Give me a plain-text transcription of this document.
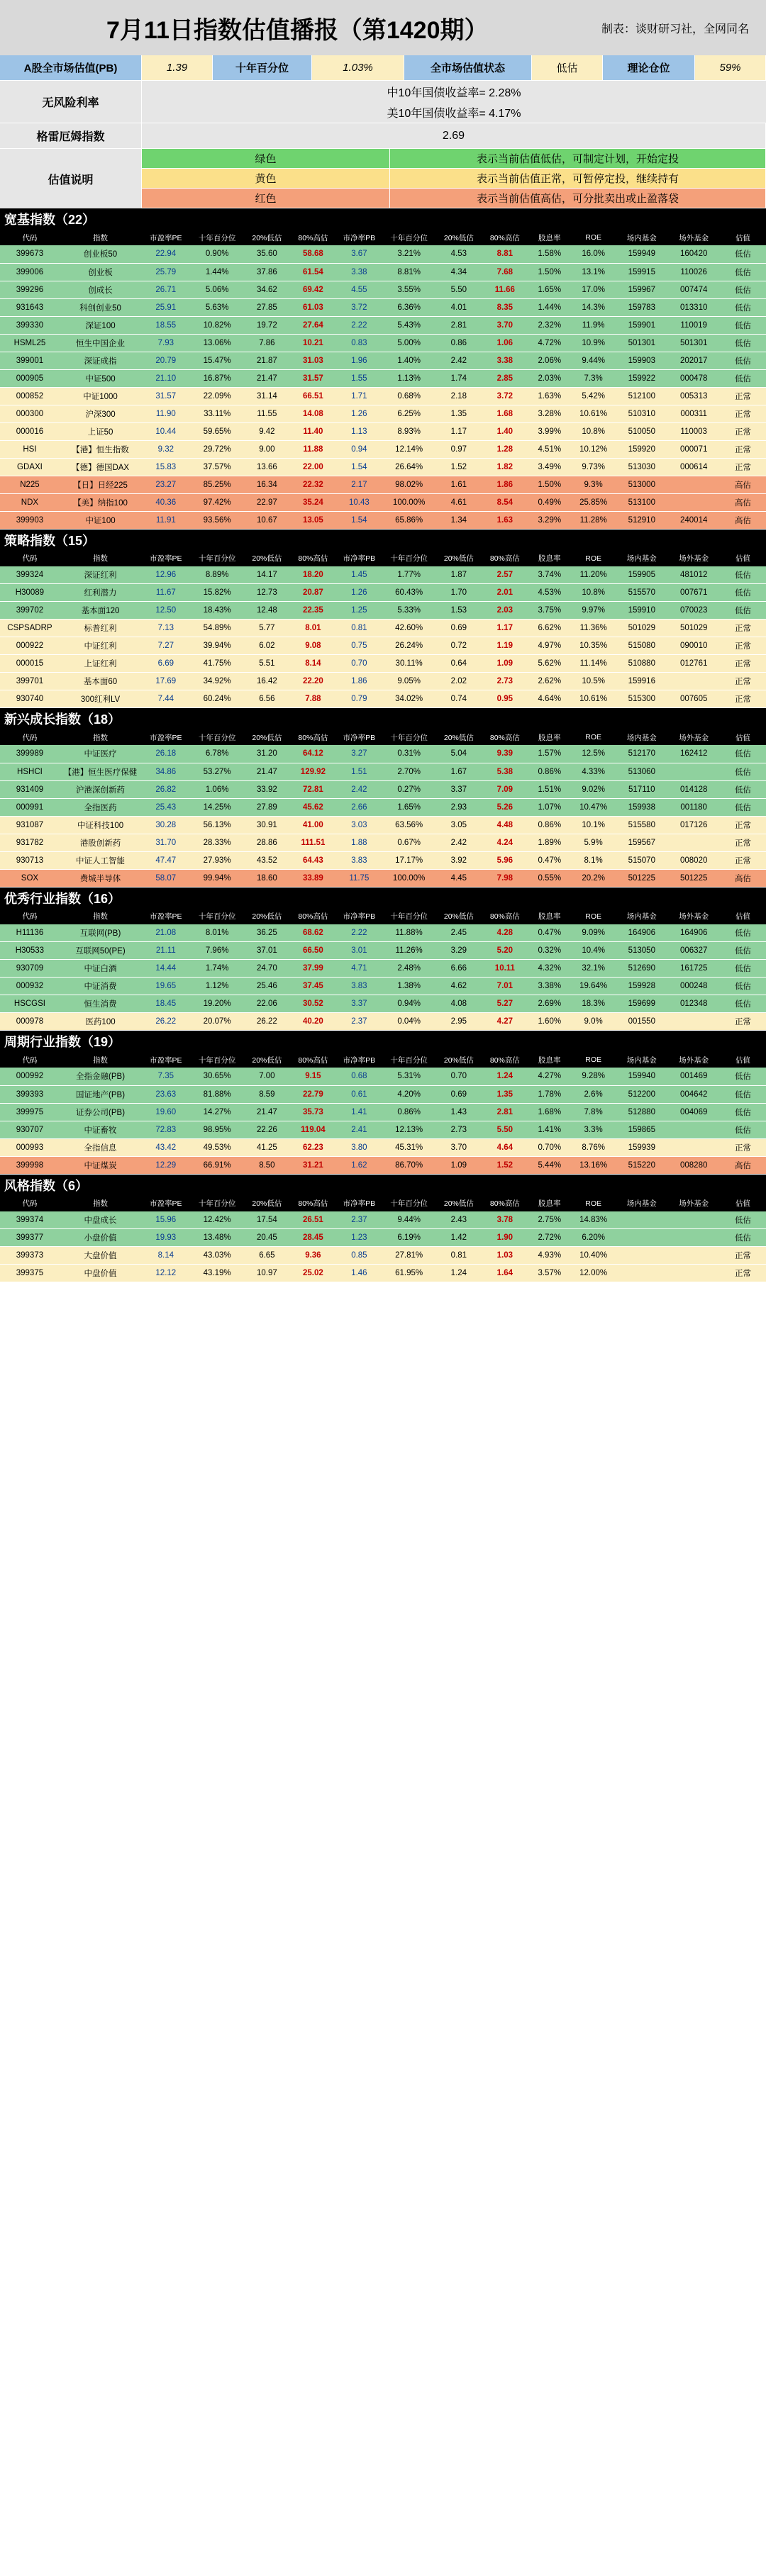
7月11日指数估值播报（第1420期）	制表：谈财研习社，全网同名
A股全市场估值(PB)	1.39	十年百分位	1.03%	全市场估值状态	低估	理论仓位	59%
无风险利率
中10年国债收益率= 2.28%
美10年国债收益率= 4.17%
格雷厄姆指数	2.69
估值说明
绿色	表示当前估值低估，可制定计划，开始定投
黄色	表示当前估值正常，可暂停定投，继续持有
红色	表示当前估值高估，可分批卖出或止盈落袋
宽基指数（22）
代码	指数	市盈率PE	十年百分位	20%低估	80%高估	市净率PB	十年百分位	20%低估	80%高估	股息率	ROE	场内基金	场外基金	估值
399673	创业板50	22.94	0.90%	35.60	58.68	3.67	3.21%	4.53	8.81	1.58%	16.0%	159949	160420	低估
399006	创业板	25.79	1.44%	37.86	61.54	3.38	8.81%	4.34	7.68	1.50%	13.1%	159915	110026	低估
399296	创成长	26.71	5.06%	34.62	69.42	4.55	3.55%	5.50	11.66	1.65%	17.0%	159967	007474	低估
931643	科创创业50	25.91	5.63%	27.85	61.03	3.72	6.36%	4.01	8.35	1.44%	14.3%	159783	013310	低估
399330	深证100	18.55	10.82%	19.72	27.64	2.22	5.43%	2.81	3.70	2.32%	11.9%	159901	110019	低估
HSML25	恒生中国企业	7.93	13.06%	7.86	10.21	0.83	5.00%	0.86	1.06	4.72%	10.9%	501301	501301	低估
399001	深证成指	20.79	15.47%	21.87	31.03	1.96	1.40%	2.42	3.38	2.06%	9.44%	159903	202017	低估
000905	中证500	21.10	16.87%	21.47	31.57	1.55	1.13%	1.74	2.85	2.03%	7.3%	159922	000478	低估
000852	中证1000	31.57	22.09%	31.14	66.51	1.71	0.68%	2.18	3.72	1.63%	5.42%	512100	005313	正常
000300	沪深300	11.90	33.11%	11.55	14.08	1.26	6.25%	1.35	1.68	3.28%	10.61%	510310	000311	正常
000016	上证50	10.44	59.65%	9.42	11.40	1.13	8.93%	1.17	1.40	3.99%	10.8%	510050	110003	正常
HSI	【港】恒生指数	9.32	29.72%	9.00	11.88	0.94	12.14%	0.97	1.28	4.51%	10.12%	159920	000071	正常
GDAXI	【德】德国DAX	15.83	37.57%	13.66	22.00	1.54	26.64%	1.52	1.82	3.49%	9.73%	513030	000614	正常
N225	【日】日经225	23.27	85.25%	16.34	22.32	2.17	98.02%	1.61	1.86	1.50%	9.3%	513000		高估
NDX	【美】纳指100	40.36	97.42%	22.97	35.24	10.43	100.00%	4.61	8.54	0.49%	25.85%	513100		高估
399903	中证100	11.91	93.56%	10.67	13.05	1.54	65.86%	1.34	1.63	3.29%	11.28%	512910	240014	高估
策略指数（15）
代码	指数	市盈率PE	十年百分位	20%低估	80%高估	市净率PB	十年百分位	20%低估	80%高估	股息率	ROE	场内基金	场外基金	估值
399324	深证红利	12.96	8.89%	14.17	18.20	1.45	1.77%	1.87	2.57	3.74%	11.20%	159905	481012	低估
H30089	红利潜力	11.67	15.82%	12.73	20.87	1.26	60.43%	1.70	2.01	4.53%	10.8%	515570	007671	低估
399702	基本面120	12.50	18.43%	12.48	22.35	1.25	5.33%	1.53	2.03	3.75%	9.97%	159910	070023	低估
CSPSADRP	标普红利	7.13	54.89%	5.77	8.01	0.81	42.60%	0.69	1.17	6.62%	11.36%	501029	501029	正常
000922	中证红利	7.27	39.94%	6.02	9.08	0.75	26.24%	0.72	1.19	4.97%	10.35%	515080	090010	正常
000015	上证红利	6.69	41.75%	5.51	8.14	0.70	30.11%	0.64	1.09	5.62%	11.14%	510880	012761	正常
399701	基本面60	17.69	34.92%	16.42	22.20	1.86	9.05%	2.02	2.73	2.62%	10.5%	159916		正常
930740	300红利LV	7.44	60.24%	6.56	7.88	0.79	34.02%	0.74	0.95	4.64%	10.61%	515300	007605	正常
新兴成长指数（18）
代码	指数	市盈率PE	十年百分位	20%低估	80%高估	市净率PB	十年百分位	20%低估	80%高估	股息率	ROE	场内基金	场外基金	估值
399989	中证医疗	26.18	6.78%	31.20	64.12	3.27	0.31%	5.04	9.39	1.57%	12.5%	512170	162412	低估
HSHCI	【港】恒生医疗保健	34.86	53.27%	21.47	129.92	1.51	2.70%	1.67	5.38	0.86%	4.33%	513060		低估
931409	沪港深创新药	26.82	1.06%	33.92	72.81	2.42	0.27%	3.37	7.09	1.51%	9.02%	517110	014128	低估
000991	全指医药	25.43	14.25%	27.89	45.62	2.66	1.65%	2.93	5.26	1.07%	10.47%	159938	001180	低估
931087	中证科技100	30.28	56.13%	30.91	41.00	3.03	63.56%	3.05	4.48	0.86%	10.1%	515580	017126	正常
931782	港股创新药	31.70	28.33%	28.86	111.51	1.88	0.67%	2.42	4.24	1.89%	5.9%	159567		正常
930713	中证人工智能	47.47	27.93%	43.52	64.43	3.83	17.17%	3.92	5.96	0.47%	8.1%	515070	008020	正常
SOX	费城半导体	58.07	99.94%	18.60	33.89	11.75	100.00%	4.45	7.98	0.55%	20.2%	501225	501225	高估
优秀行业指数（16）
代码	指数	市盈率PE	十年百分位	20%低估	80%高估	市净率PB	十年百分位	20%低估	80%高估	股息率	ROE	场内基金	场外基金	估值
H11136	互联网(PB)	21.08	8.01%	36.25	68.62	2.22	11.88%	2.45	4.28	0.47%	9.09%	164906	164906	低估
H30533	互联网50(PE)	21.11	7.96%	37.01	66.50	3.01	11.26%	3.29	5.20	0.32%	10.4%	513050	006327	低估
930709	中证白酒	14.44	1.74%	24.70	37.99	4.71	2.48%	6.66	10.11	4.32%	32.1%	512690	161725	低估
000932	中证消费	19.65	1.12%	25.46	37.45	3.83	1.38%	4.62	7.01	3.38%	19.64%	159928	000248	低估
HSCGSI	恒生消费	18.45	19.20%	22.06	30.52	3.37	0.94%	4.08	5.27	2.69%	18.3%	159699	012348	低估
000978	医药100	26.22	20.07%	26.22	40.20	2.37	0.04%	2.95	4.27	1.60%	9.0%	001550		正常
周期行业指数（19）
代码	指数	市盈率PE	十年百分位	20%低估	80%高估	市净率PB	十年百分位	20%低估	80%高估	股息率	ROE	场内基金	场外基金	估值
000992	全指金融(PB)	7.35	30.65%	7.00	9.15	0.68	5.31%	0.70	1.24	4.27%	9.28%	159940	001469	低估
399393	国证地产(PB)	23.63	81.88%	8.59	22.79	0.61	4.20%	0.69	1.35	1.78%	2.6%	512200	004642	低估
399975	证券公司(PB)	19.60	14.27%	21.47	35.73	1.41	0.86%	1.43	2.81	1.68%	7.8%	512880	004069	低估
930707	中证畜牧	72.83	98.95%	22.26	119.04	2.41	12.13%	2.73	5.50	1.41%	3.3%	159865		低估
000993	全指信息	43.42	49.53%	41.25	62.23	3.80	45.31%	3.70	4.64	0.70%	8.76%	159939		正常
399998	中证煤炭	12.29	66.91%	8.50	31.21	1.62	86.70%	1.09	1.52	5.44%	13.16%	515220	008280	高估
风格指数（6）
代码	指数	市盈率PE	十年百分位	20%低估	80%高估	市净率PB	十年百分位	20%低估	80%高估	股息率	ROE	场内基金	场外基金	估值
399374	中盘成长	15.96	12.42%	17.54	26.51	2.37	9.44%	2.43	3.78	2.75%	14.83%			低估
399377	小盘价值	19.93	13.48%	20.45	28.45	1.23	6.19%	1.42	1.90	2.72%	6.20%			低估
399373	大盘价值	8.14	43.03%	6.65	9.36	0.85	27.81%	0.81	1.03	4.93%	10.40%			正常
399375	中盘价值	12.12	43.19%	10.97	25.02	1.46	61.95%	1.24	1.64	3.57%	12.00%			正常
